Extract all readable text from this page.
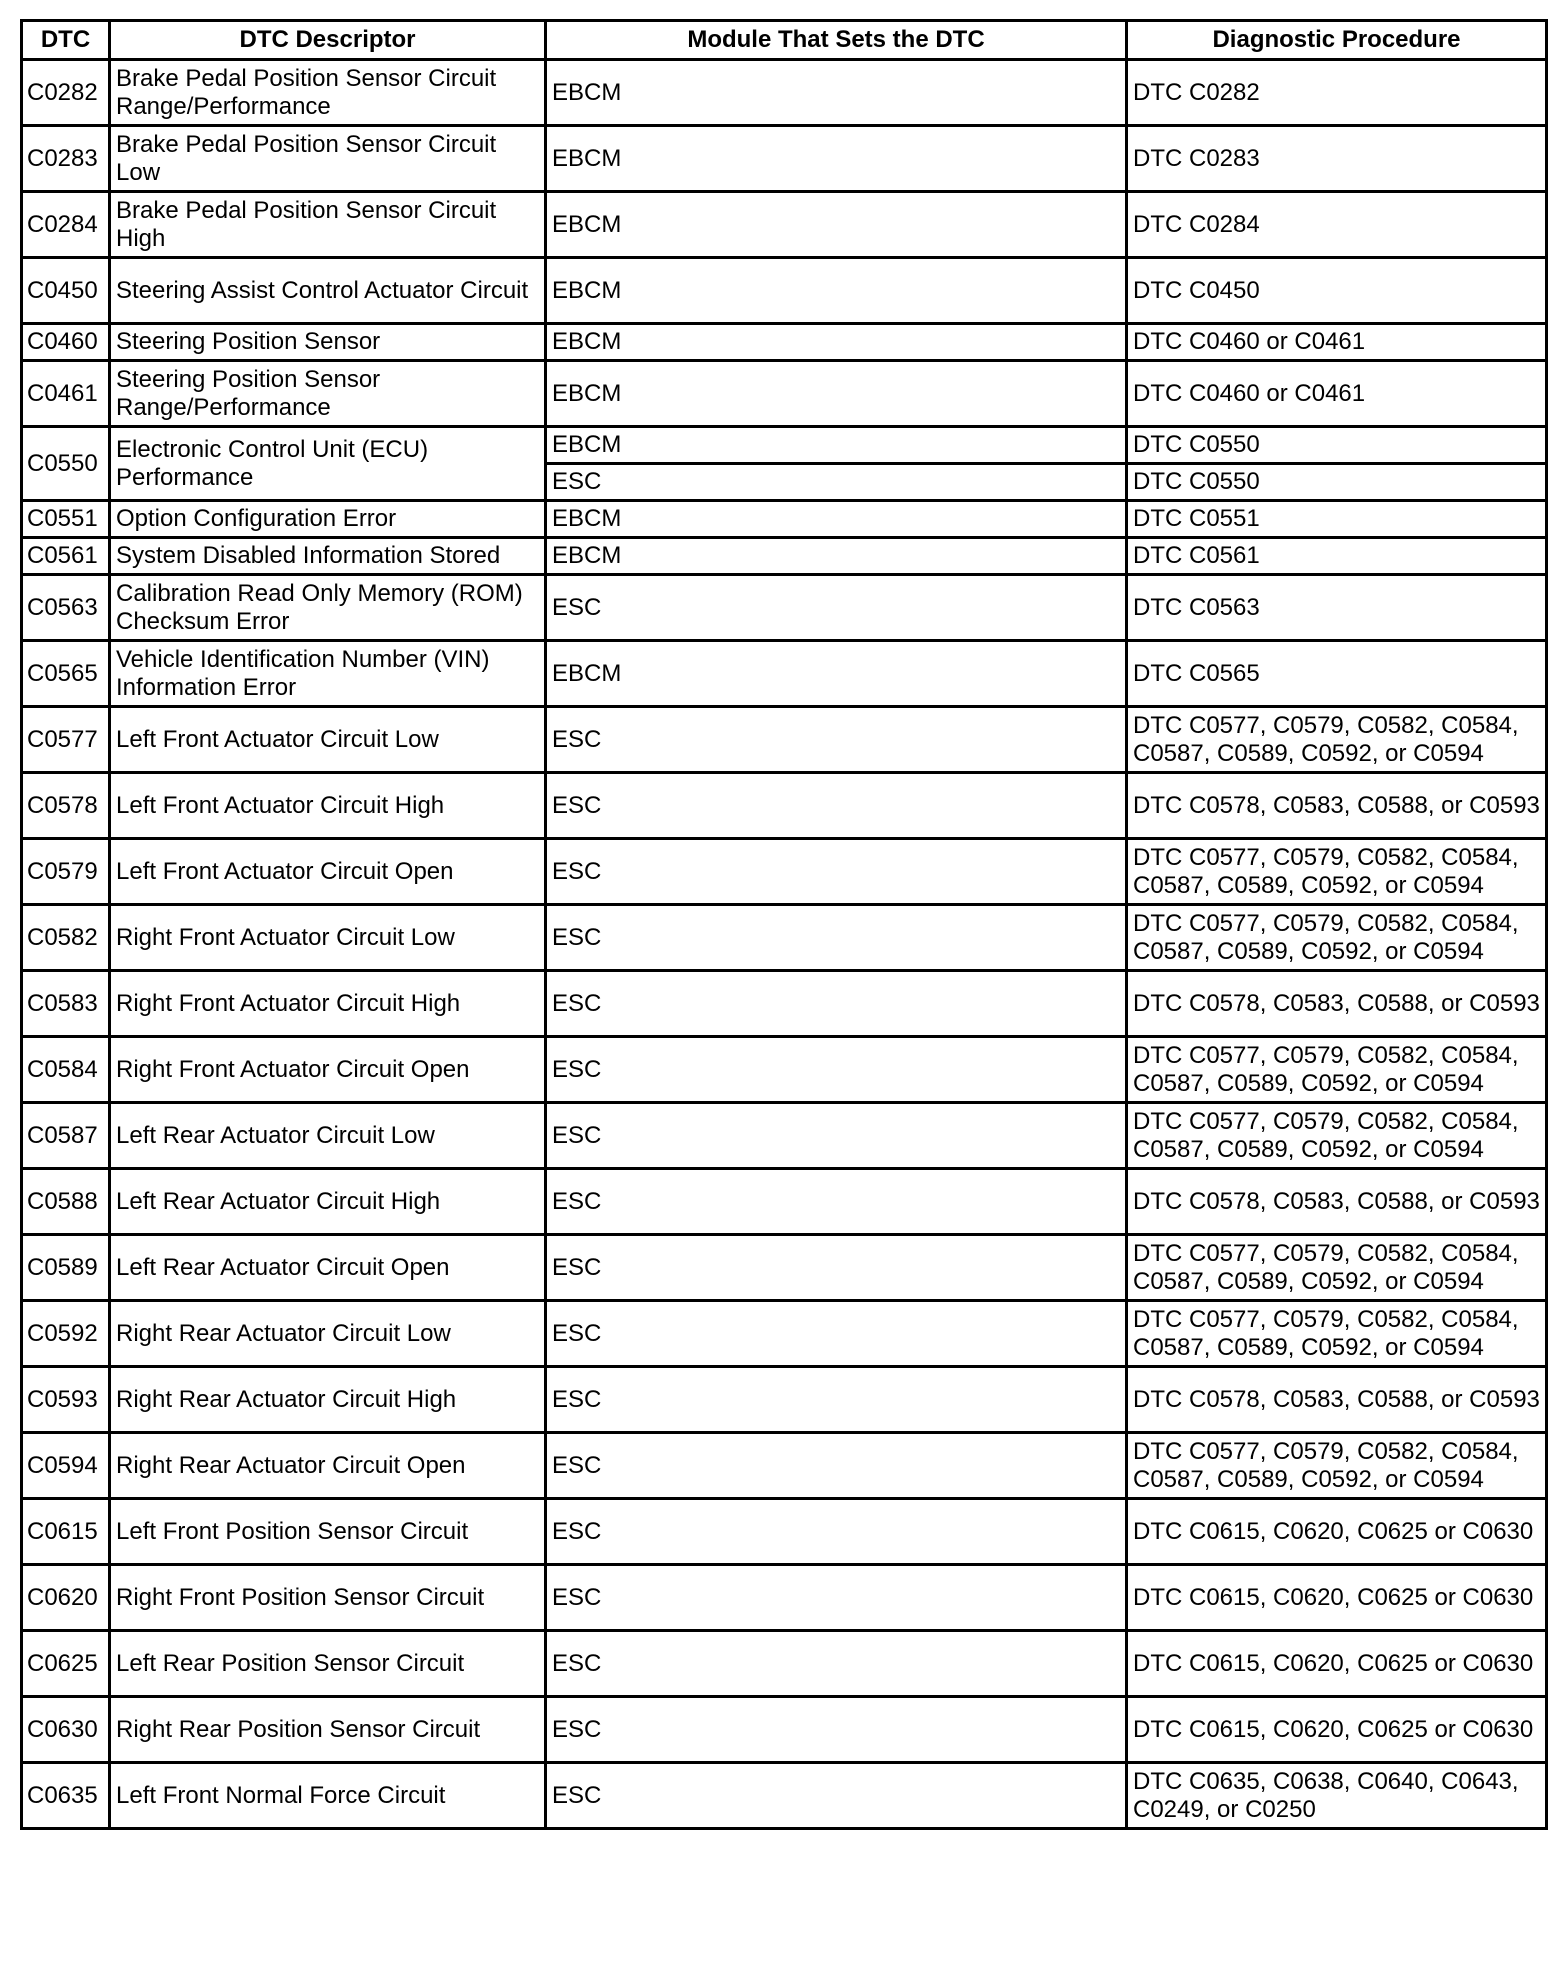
DTC	DTC Descriptor	Module That Sets the DTC	Diagnostic Procedure
C0282	Brake Pedal Position Sensor Circuit Range/Performance	EBCM	DTC C0282
C0283	Brake Pedal Position Sensor Circuit Low	EBCM	DTC C0283
C0284	Brake Pedal Position Sensor Circuit High	EBCM	DTC C0284
C0450	Steering Assist Control Actuator Circuit	EBCM	DTC C0450
C0460	Steering Position Sensor	EBCM	DTC C0460 or C0461
C0461	Steering Position Sensor Range/Performance	EBCM	DTC C0460 or C0461
C0550	Electronic Control Unit (ECU) Performance	EBCM	DTC C0550
		ESC	DTC C0550
C0551	Option Configuration Error	EBCM	DTC C0551
C0561	System Disabled Information Stored	EBCM	DTC C0561
C0563	Calibration Read Only Memory (ROM) Checksum Error	ESC	DTC C0563
C0565	Vehicle Identification Number (VIN) Information Error	EBCM	DTC C0565
C0577	Left Front Actuator Circuit Low	ESC	DTC C0577, C0579, C0582, C0584, C0587, C0589, C0592, or C0594
C0578	Left Front Actuator Circuit High	ESC	DTC C0578, C0583, C0588, or C0593
C0579	Left Front Actuator Circuit Open	ESC	DTC C0577, C0579, C0582, C0584, C0587, C0589, C0592, or C0594
C0582	Right Front Actuator Circuit Low	ESC	DTC C0577, C0579, C0582, C0584, C0587, C0589, C0592, or C0594
C0583	Right Front Actuator Circuit High	ESC	DTC C0578, C0583, C0588, or C0593
C0584	Right Front Actuator Circuit Open	ESC	DTC C0577, C0579, C0582, C0584, C0587, C0589, C0592, or C0594
C0587	Left Rear Actuator Circuit Low	ESC	DTC C0577, C0579, C0582, C0584, C0587, C0589, C0592, or C0594
C0588	Left Rear Actuator Circuit High	ESC	DTC C0578, C0583, C0588, or C0593
C0589	Left Rear Actuator Circuit Open	ESC	DTC C0577, C0579, C0582, C0584, C0587, C0589, C0592, or C0594
C0592	Right Rear Actuator Circuit Low	ESC	DTC C0577, C0579, C0582, C0584, C0587, C0589, C0592, or C0594
C0593	Right Rear Actuator Circuit High	ESC	DTC C0578, C0583, C0588, or C0593
C0594	Right Rear Actuator Circuit Open	ESC	DTC C0577, C0579, C0582, C0584, C0587, C0589, C0592, or C0594
C0615	Left Front Position Sensor Circuit	ESC	DTC C0615, C0620, C0625 or C0630
C0620	Right Front Position Sensor Circuit	ESC	DTC C0615, C0620, C0625 or C0630
C0625	Left Rear Position Sensor Circuit	ESC	DTC C0615, C0620, C0625 or C0630
C0630	Right Rear Position Sensor Circuit	ESC	DTC C0615, C0620, C0625 or C0630
C0635	Left Front Normal Force Circuit	ESC	DTC C0635, C0638, C0640, C0643, C0249, or C0250
